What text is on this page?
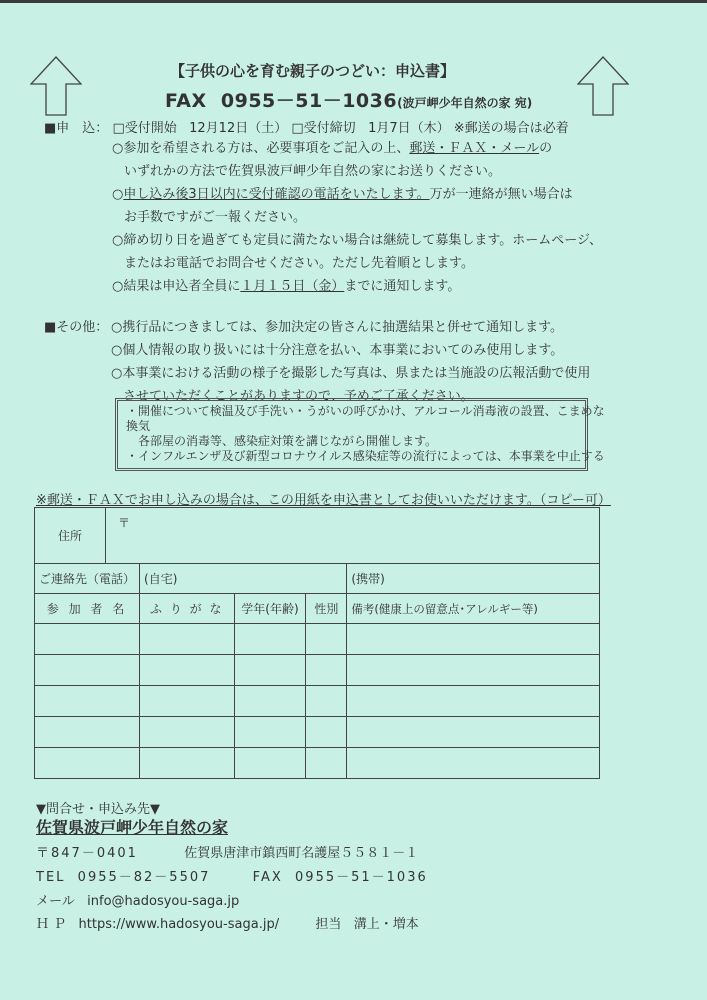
【子供の心を育む親子のつどい：申込書】
FAX 0955－51－1036(波戸岬少年自然の家 宛)
■申　込： □受付開始 12月12日（土） □受付締切 1月7日（木） ※郵送の場合は必着
○参加を希望される方は、必要事項をご記入の上、郵送・ＦＡＸ・メールの
いずれかの方法で佐賀県波戸岬少年自然の家にお送りください。
○申し込み後3日以内に受付確認の電話をいたします。万が一連絡が無い場合は
お手数ですがご一報ください。
○締め切り日を過ぎても定員に満たない場合は継続して募集します。ホームページ、
またはお電話でお問合せください。ただし先着順とします。
○結果は申込者全員に１月１５日（金）までに通知します。
■その他： ○携行品につきましては、参加決定の皆さんに抽選結果と併せて通知します。
○個人情報の取り扱いには十分注意を払い、本事業においてのみ使用します。
○本事業における活動の様子を撮影した写真は、県または当施設の広報活動で使用
させていただくことがありますので、予めご了承ください。
・開催について検温及び手洗い・うがいの呼びかけ、アルコール消毒液の設置、こまめな
換気
　各部屋の消毒等、感染症対策を講じながら開催します。
・インフルエンザ及び新型コロナウイルス感染症等の流行によっては、本事業を中止する
※郵送・ＦＡＸでお申し込みの場合は、この用紙を申込書としてお使いいただけます。（コピー可）
住所	〒				
ご連絡先（電話）		(自宅)			(携帯)
参 加 者 名		ふ り が な	学年(年齢)	性別	備考(健康上の留意点･アレルギー等)

▼問合せ・申込み先▼
佐賀県波戸岬少年自然の家
〒847－0401	佐賀県唐津市鎮西町名護屋５５８１－１
TEL 0955－82－5507	FAX 0955－51－1036
メール info@hadosyou-saga.jp
Ｈ Ｐ https://www.hadosyou-saga.jp/	担当 溝上・増本
